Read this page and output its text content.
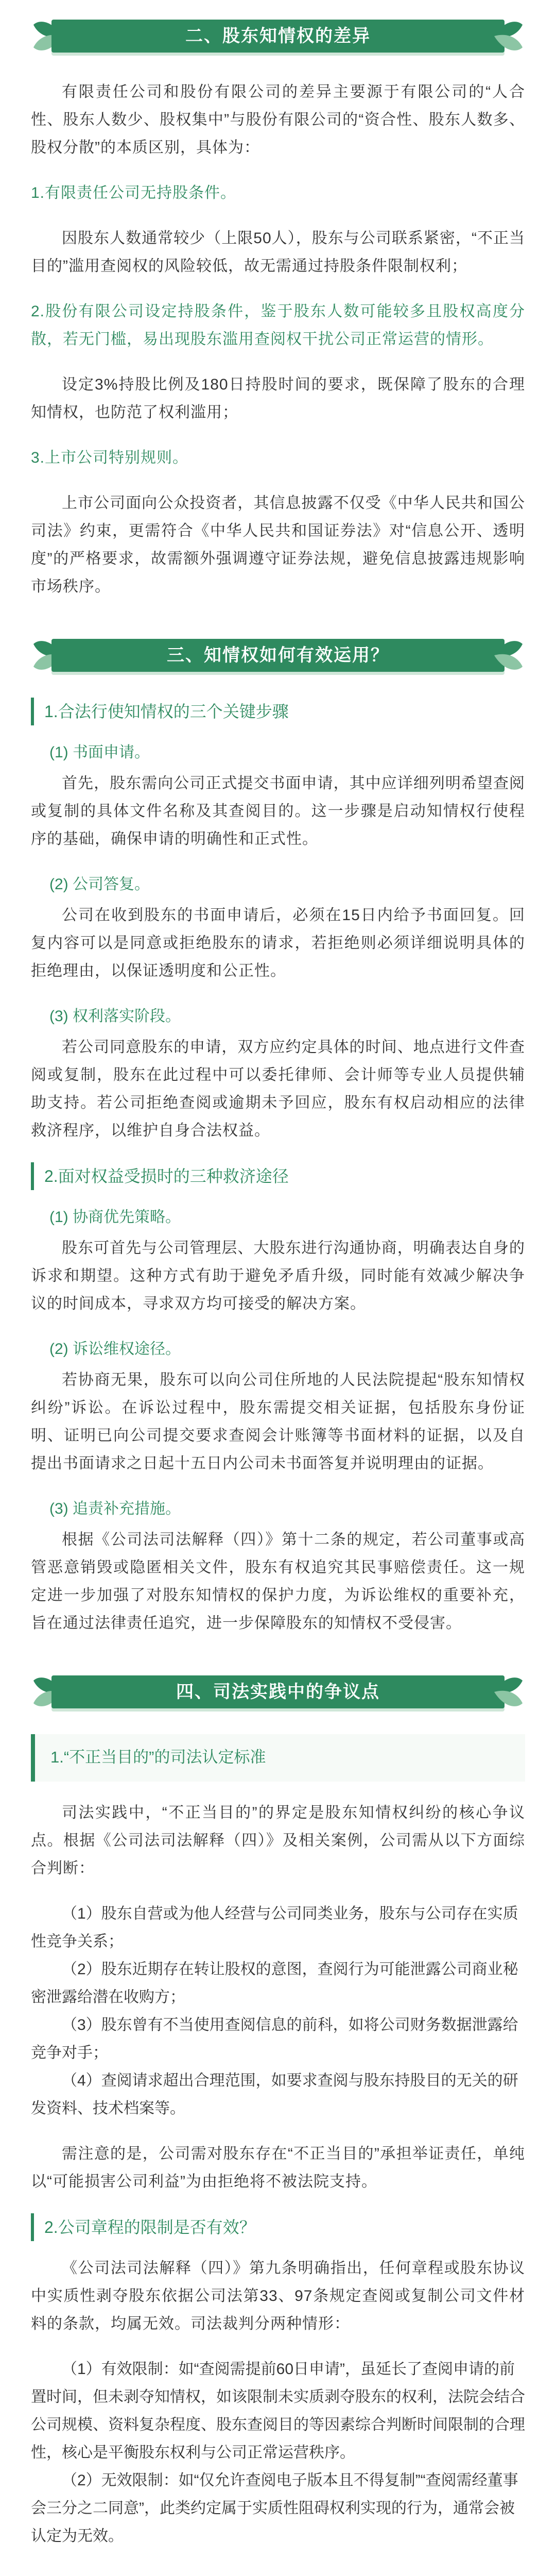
二、股东知情权的差异

有限责任公司和股份有限公司的差异主要源于有限公司的“人合性、股东人数少、股权集中”与股份有限公司的“资合性、股东人数多、股权分散”的本质区别，具体为：

1.有限责任公司无持股条件。

因股东人数通常较少（上限50人），股东与公司联系紧密，“不正当目的”滥用查阅权的风险较低，故无需通过持股条件限制权利；

2.股份有限公司设定持股条件，鉴于股东人数可能较多且股权高度分散，若无门槛，易出现股东滥用查阅权干扰公司正常运营的情形。

设定3%持股比例及180日持股时间的要求，既保障了股东的合理知情权，也防范了权利滥用；

3.上市公司特别规则。

上市公司面向公众投资者，其信息披露不仅受《中华人民共和国公司法》约束，更需符合《中华人民共和国证券法》对“信息公开、透明度”的严格要求，故需额外强调遵守证券法规，避免信息披露违规影响市场秩序。

三、知情权如何有效运用？
1.合法行使知情权的三个关键步骤
(1) 书面申请。

首先，股东需向公司正式提交书面申请，其中应详细列明希望查阅或复制的具体文件名称及其查阅目的。这一步骤是启动知情权行使程序的基础，确保申请的明确性和正式性。

(2) 公司答复。

公司在收到股东的书面申请后，必须在15日内给予书面回复。回复内容可以是同意或拒绝股东的请求，若拒绝则必须详细说明具体的拒绝理由，以保证透明度和公正性。

(3) 权利落实阶段。

若公司同意股东的申请，双方应约定具体的时间、地点进行文件查阅或复制，股东在此过程中可以委托律师、会计师等专业人员提供辅助支持。若公司拒绝查阅或逾期未予回应，股东有权启动相应的法律救济程序，以维护自身合法权益。

2.面对权益受损时的三种救济途径
(1) 协商优先策略。

股东可首先与公司管理层、大股东进行沟通协商，明确表达自身的诉求和期望。这种方式有助于避免矛盾升级，同时能有效减少解决争议的时间成本，寻求双方均可接受的解决方案。

(2) 诉讼维权途径。

若协商无果，股东可以向公司住所地的人民法院提起“股东知情权纠纷”诉讼。在诉讼过程中，股东需提交相关证据，包括股东身份证明、证明已向公司提交要求查阅会计账簿等书面材料的证据，以及自提出书面请求之日起十五日内公司未书面答复并说明理由的证据。

(3) 追责补充措施。

根据《公司法司法解释（四）》第十二条的规定，若公司董事或高管恶意销毁或隐匿相关文件，股东有权追究其民事赔偿责任。这一规定进一步加强了对股东知情权的保护力度，为诉讼维权的重要补充，旨在通过法律责任追究，进一步保障股东的知情权不受侵害。

四、司法实践中的争议点
1.“不正当目的”的司法认定标准

司法实践中，“不正当目的”的界定是股东知情权纠纷的核心争议点。根据《公司法司法解释（四）》及相关案例，公司需从以下方面综合判断：

（1）股东自营或为他人经营与公司同类业务，股东与公司存在实质性竞争关系；

（2）股东近期存在转让股权的意图，查阅行为可能泄露公司商业秘密泄露给潜在收购方；

（3）股东曾有不当使用查阅信息的前科，如将公司财务数据泄露给竞争对手；

（4）查阅请求超出合理范围，如要求查阅与股东持股目的无关的研发资料、技术档案等。

需注意的是，公司需对股东存在“不正当目的”承担举证责任，单纯以“可能损害公司利益”为由拒绝将不被法院支持。

2.公司章程的限制是否有效？

《公司法司法解释（四）》第九条明确指出，任何章程或股东协议中实质性剥夺股东依据公司法第33、97条规定查阅或复制公司文件材料的条款，均属无效。司法裁判分两种情形：

（1）有效限制：如“查阅需提前60日申请”，虽延长了查阅申请的前置时间，但未剥夺知情权，如该限制未实质剥夺股东的权利，法院会结合公司规模、资料复杂程度、股东查阅目的等因素综合判断时间限制的合理性，核心是平衡股东权利与公司正常运营秩序。

（2）无效限制：如“仅允许查阅电子版本且不得复制”“查阅需经董事会三分之二同意”，此类约定属于实质性阻碍权利实现的行为，通常会被认定为无效。
